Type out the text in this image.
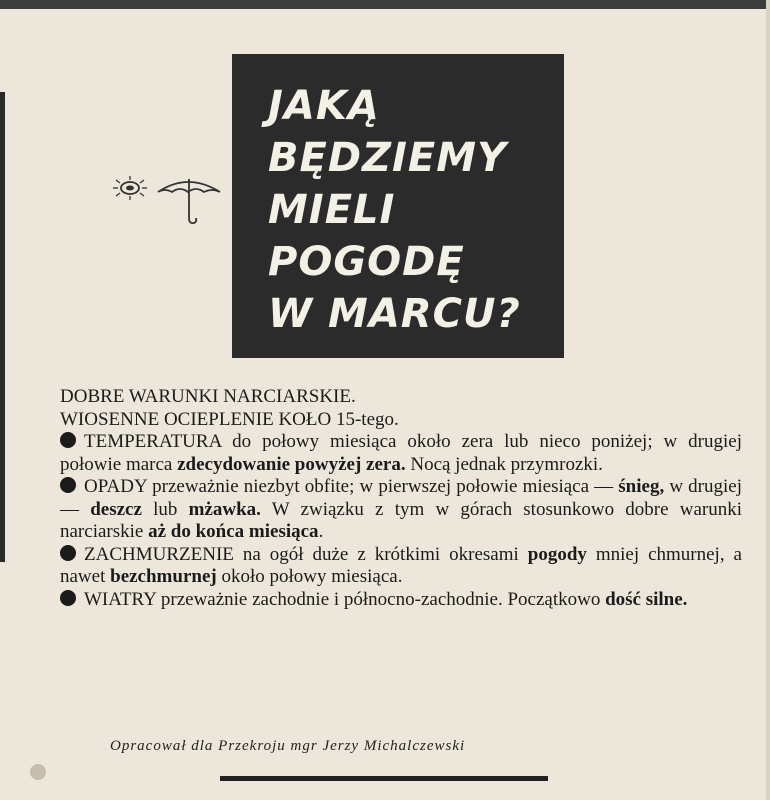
JAKĄ
BĘDZIEMY
MIELI
POGODĘ
W MARCU?

DOBRE WARUNKI NARCIARSKIE.

WIOSENNE OCIEPLENIE KOŁO 15-tego.

TEMPERATURA do połowy miesiąca około zera lub nieco poniżej; w drugiej połowie marca zdecydowanie powyżej zera. Nocą jednak przymrozki.

OPADY przeważnie niezbyt obfite; w pierwszej połowie miesiąca — śnieg, w drugiej — deszcz lub mżawka. W związku z tym w górach stosunkowo dobre warunki narciarskie aż do końca miesiąca.

ZACHMURZENIE na ogół duże z krótkimi okresami pogody mniej chmurnej, a nawet bezchmurnej około połowy miesiąca.

WIATRY przeważnie zachodnie i północno-zachodnie. Początkowo dość silne.

Opracował dla Przekroju mgr Jerzy Michalczewski
